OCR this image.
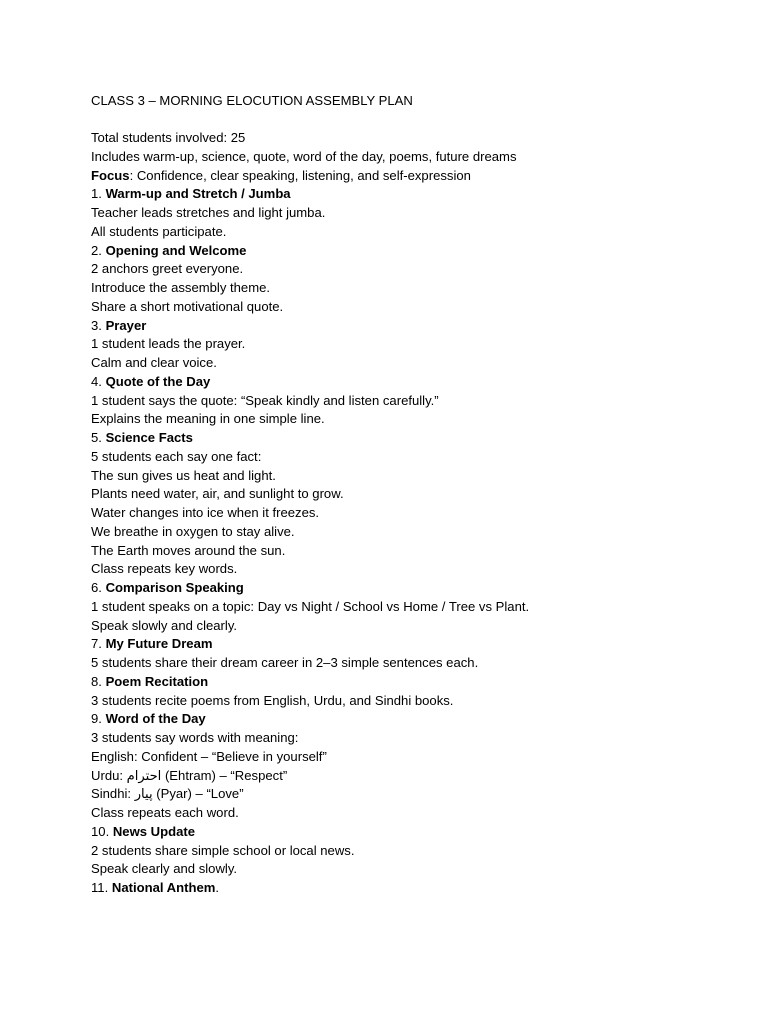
CLASS 3 – MORNING ELOCUTION ASSEMBLY PLAN
Total students involved: 25
Includes warm-up, science, quote, word of the day, poems, future dreams
Focus: Confidence, clear speaking, listening, and self-expression
1. Warm-up and Stretch / Jumba
Teacher leads stretches and light jumba.
All students participate.
2. Opening and Welcome
2 anchors greet everyone.
Introduce the assembly theme.
Share a short motivational quote.
3. Prayer
1 student leads the prayer.
Calm and clear voice.
4. Quote of the Day
1 student says the quote: “Speak kindly and listen carefully.”
Explains the meaning in one simple line.
5. Science Facts
5 students each say one fact:
The sun gives us heat and light.
Plants need water, air, and sunlight to grow.
Water changes into ice when it freezes.
We breathe in oxygen to stay alive.
The Earth moves around the sun.
Class repeats key words.
6. Comparison Speaking
1 student speaks on a topic: Day vs Night / School vs Home / Tree vs Plant.
Speak slowly and clearly.
7. My Future Dream
5 students share their dream career in 2–3 simple sentences each.
8. Poem Recitation
3 students recite poems from English, Urdu, and Sindhi books.
9. Word of the Day
3 students say words with meaning:
English: Confident – “Believe in yourself”
Urdu: احترام (Ehtram) – “Respect”
Sindhi: پیار (Pyar) – “Love”
Class repeats each word.
10. News Update
2 students share simple school or local news.
Speak clearly and slowly.
11. National Anthem.
